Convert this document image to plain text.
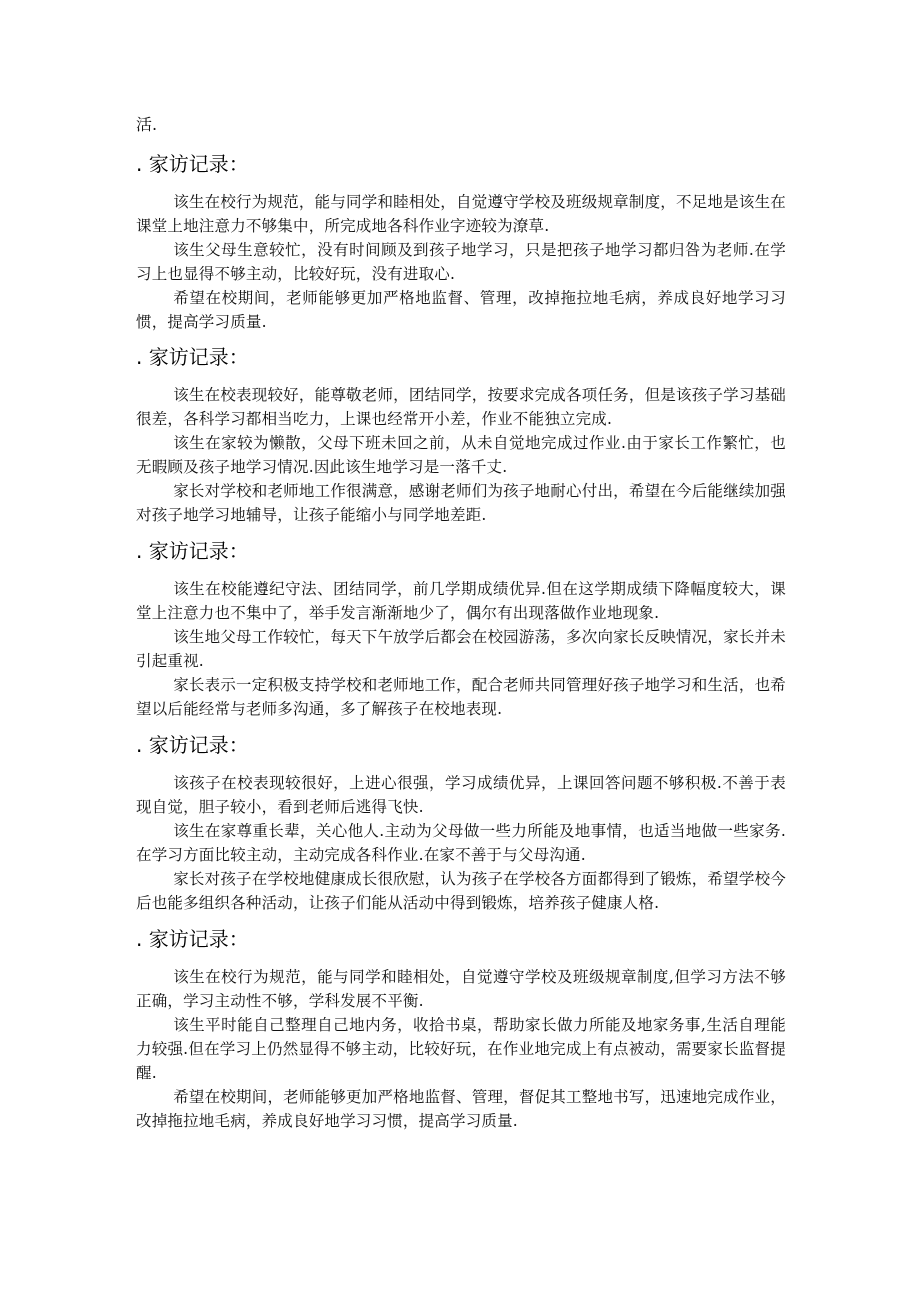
活.

. 家访记录：

该生在校行为规范，能与同学和睦相处，自觉遵守学校及班级规章制度，不足地是该生在课堂上地注意力不够集中，所完成地各科作业字迹较为潦草.

该生父母生意较忙，没有时间顾及到孩子地学习，只是把孩子地学习都归咎为老师.在学习上也显得不够主动，比较好玩，没有进取心.

希望在校期间，老师能够更加严格地监督、管理，改掉拖拉地毛病，养成良好地学习习惯，提高学习质量.

. 家访记录：

该生在校表现较好，能尊敬老师，团结同学，按要求完成各项任务，但是该孩子学习基础很差，各科学习都相当吃力，上课也经常开小差，作业不能独立完成.

该生在家较为懒散，父母下班未回之前，从未自觉地完成过作业.由于家长工作繁忙，也无暇顾及孩子地学习情况.因此该生地学习是一落千丈.

家长对学校和老师地工作很满意，感谢老师们为孩子地耐心付出，希望在今后能继续加强对孩子地学习地辅导，让孩子能缩小与同学地差距.

. 家访记录：

该生在校能遵纪守法、团结同学，前几学期成绩优异.但在这学期成绩下降幅度较大，课堂上注意力也不集中了，举手发言渐渐地少了，偶尔有出现落做作业地现象.

该生地父母工作较忙，每天下午放学后都会在校园游荡，多次向家长反映情况，家长并未引起重视.

家长表示一定积极支持学校和老师地工作，配合老师共同管理好孩子地学习和生活，也希望以后能经常与老师多沟通，多了解孩子在校地表现.

. 家访记录：

该孩子在校表现较很好，上进心很强，学习成绩优异，上课回答问题不够积极.不善于表现自觉，胆子较小，看到老师后逃得飞快.

该生在家尊重长辈，关心他人.主动为父母做一些力所能及地事情，也适当地做一些家务.在学习方面比较主动，主动完成各科作业.在家不善于与父母沟通.

家长对孩子在学校地健康成长很欣慰，认为孩子在学校各方面都得到了锻炼，希望学校今后也能多组织各种活动，让孩子们能从活动中得到锻炼，培养孩子健康人格.

. 家访记录：

该生在校行为规范，能与同学和睦相处，自觉遵守学校及班级规章制度,但学习方法不够正确，学习主动性不够，学科发展不平衡.

该生平时能自己整理自己地内务，收拾书桌，帮助家长做力所能及地家务事,生活自理能力较强.但在学习上仍然显得不够主动，比较好玩，在作业地完成上有点被动，需要家长监督提醒.

希望在校期间，老师能够更加严格地监督、管理，督促其工整地书写，迅速地完成作业，改掉拖拉地毛病，养成良好地学习习惯，提高学习质量.
